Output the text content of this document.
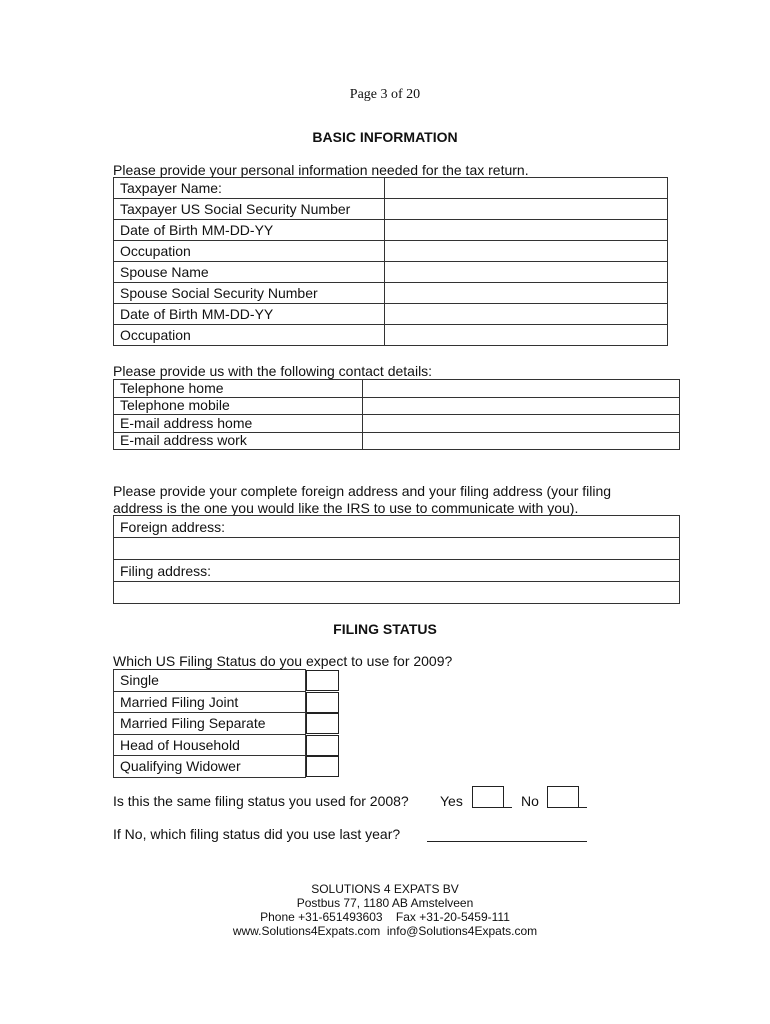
Page 3 of 20
BASIC INFORMATION
Please provide your personal information needed for the tax return.
Taxpayer Name:	
Taxpayer US Social Security Number	
Date of Birth MM-DD-YY	
Occupation	
Spouse Name	
Spouse Social Security Number	
Date of Birth MM-DD-YY	
Occupation	
Please provide us with the following contact details:
Telephone home	
Telephone mobile	
E-mail address home	
E-mail address work	
Please provide your complete foreign address and your filing address (your filing
address is the one you would like the IRS to use to communicate with you).
Foreign address:

Filing address:

FILING STATUS
Which US Filing Status do you expect to use for 2009?
Single
Married Filing Joint
Married Filing Separate
Head of Household
Qualifying Widower
Is this the same filing status you used for 2008? Yes	No
If No, which filing status did you use last year?
SOLUTIONS 4 EXPATS BV
Postbus 77, 1180 AB Amstelveen
Phone +31-651493603    Fax +31-20-5459-111
www.Solutions4Expats.com  info@Solutions4Expats.com
